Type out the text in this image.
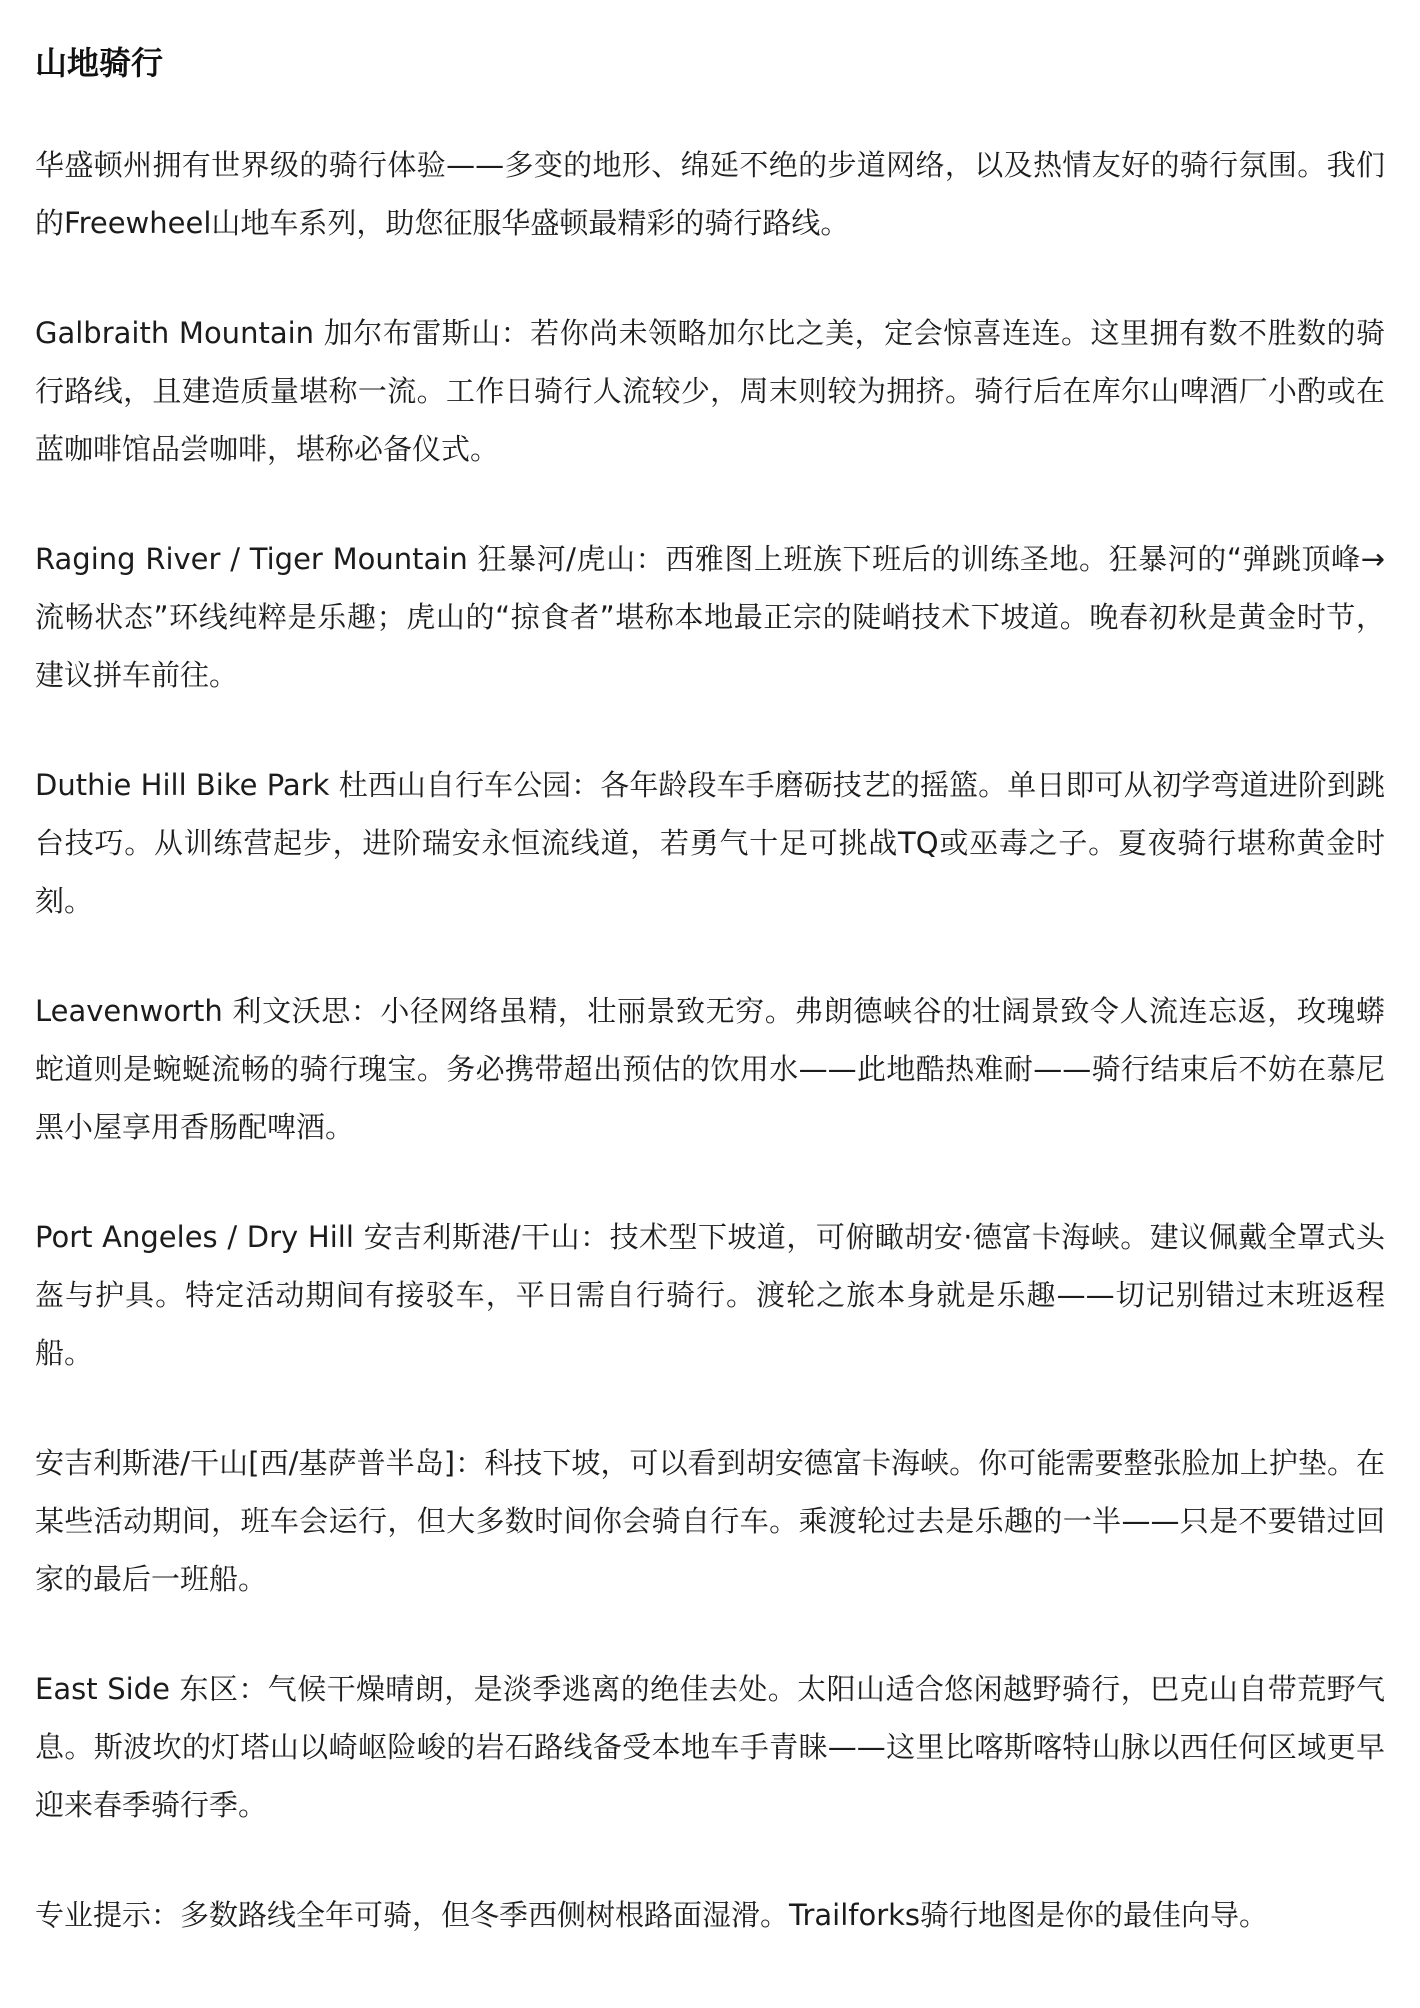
山地骑行

华盛顿州拥有世界级的骑行体验——多变的地形、绵延不绝的步道网络，以及热情友好的骑行氛围。我们的Freewheel山地车系列，助您征服华盛顿最精彩的骑行路线。

Galbraith Mountain 加尔布雷斯山：若你尚未领略加尔比之美，定会惊喜连连。这里拥有数不胜数的骑行路线，且建造质量堪称一流。工作日骑行人流较少，周末则较为拥挤。骑行后在库尔山啤酒厂小酌或在蓝咖啡馆品尝咖啡，堪称必备仪式。

Raging River / Tiger Mountain 狂暴河/虎山：西雅图上班族下班后的训练圣地。狂暴河的“弹跳顶峰→流畅状态”环线纯粹是乐趣；虎山的“掠食者”堪称本地最正宗的陡峭技术下坡道。晚春初秋是黄金时节，建议拼车前往。

Duthie Hill Bike Park 杜西山自行车公园：各年龄段车手磨砺技艺的摇篮。单日即可从初学弯道进阶到跳台技巧。从训练营起步，进阶瑞安永恒流线道，若勇气十足可挑战TQ或巫毒之子。夏夜骑行堪称黄金时刻。

Leavenworth 利文沃思：小径网络虽精，壮丽景致无穷。弗朗德峡谷的壮阔景致令人流连忘返，玫瑰蟒蛇道则是蜿蜒流畅的骑行瑰宝。务必携带超出预估的饮用水——此地酷热难耐——骑行结束后不妨在慕尼黑小屋享用香肠配啤酒。

Port Angeles / Dry Hill 安吉利斯港/干山：技术型下坡道，可俯瞰胡安·德富卡海峡。建议佩戴全罩式头盔与护具。特定活动期间有接驳车，平日需自行骑行。渡轮之旅本身就是乐趣——切记别错过末班返程船。

安吉利斯港/干山[西/基萨普半岛]：科技下坡，可以看到胡安德富卡海峡。你可能需要整张脸加上护垫。在某些活动期间，班车会运行，但大多数时间你会骑自行车。乘渡轮过去是乐趣的一半——只是不要错过回家的最后一班船。

East Side 东区：气候干燥晴朗，是淡季逃离的绝佳去处。太阳山适合悠闲越野骑行，巴克山自带荒野气息。斯波坎的灯塔山以崎岖险峻的岩石路线备受本地车手青睐——这里比喀斯喀特山脉以西任何区域更早迎来春季骑行季。

专业提示：多数路线全年可骑，但冬季西侧树根路面湿滑。Trailforks骑行地图是你的最佳向导。
